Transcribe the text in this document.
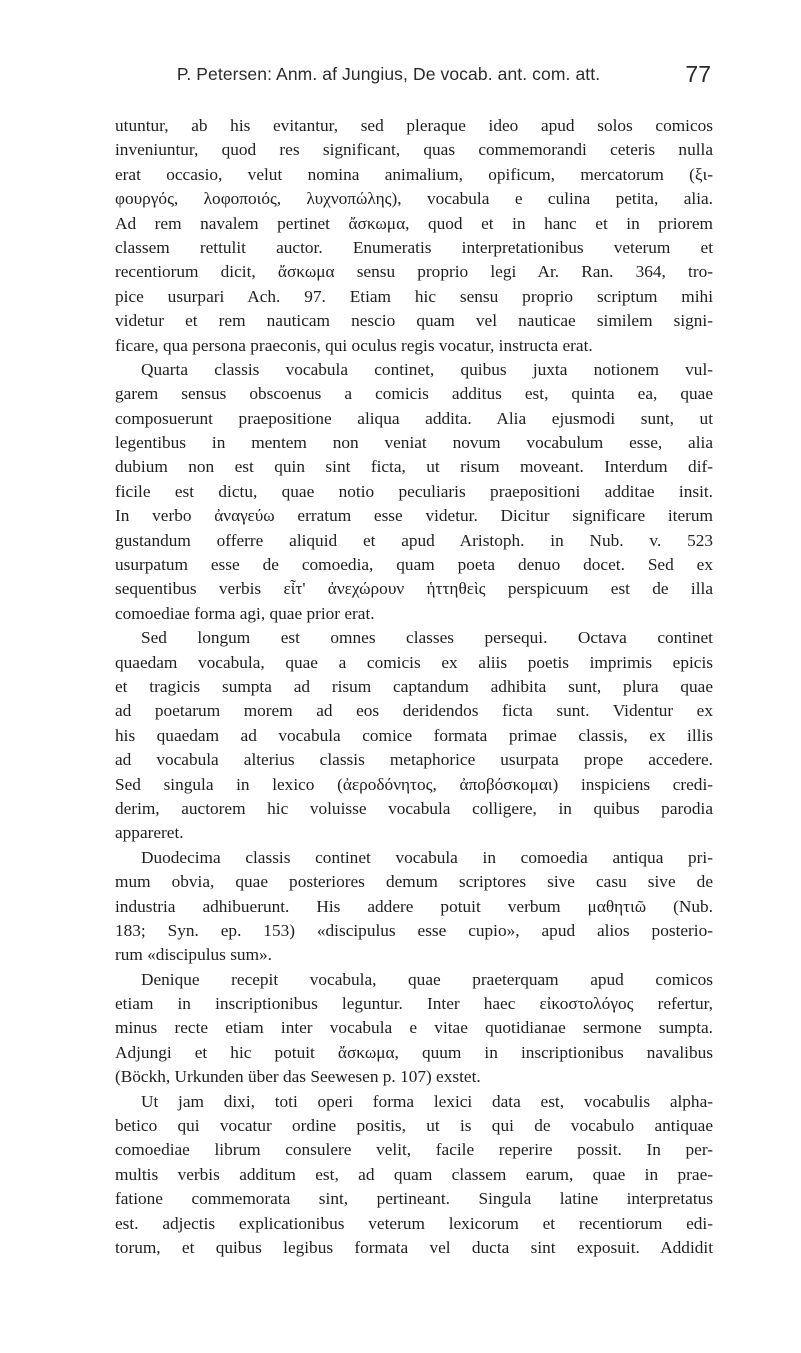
P. Petersen: Anm. af Jungius, De vocab. ant. com. att.	77
utuntur, ab his evitantur, sed pleraque ideo apud solos comicos
inveniuntur, quod res significant, quas commemorandi ceteris nulla
erat occasio, velut nomina animalium, opificum, mercatorum (ξι-
φουργός, λοφοποιός, λυχνοπώλης), vocabula e culina petita, alia.
Ad rem navalem pertinet ἄσκωμα, quod et in hanc et in priorem
classem rettulit auctor. Enumeratis interpretationibus veterum et
recentiorum dicit, ἄσκωμα sensu proprio legi Ar. Ran. 364, tro-
pice usurpari Ach. 97. Etiam hic sensu proprio scriptum mihi
videtur et rem nauticam nescio quam vel nauticae similem signi-
ficare, qua persona praeconis, qui oculus regis vocatur, instructa erat.
Quarta classis vocabula continet, quibus juxta notionem vul-
garem sensus obscoenus a comicis additus est, quinta ea, quae
composuerunt praepositione aliqua addita. Alia ejusmodi sunt, ut
legentibus in mentem non veniat novum vocabulum esse, alia
dubium non est quin sint ficta, ut risum moveant. Interdum dif-
ficile est dictu, quae notio peculiaris praepositioni additae insit.
In verbo ἀναγεύω erratum esse videtur. Dicitur significare iterum
gustandum offerre aliquid et apud Aristoph. in Nub. v. 523
usurpatum esse de comoedia, quam poeta denuo docet. Sed ex
sequentibus verbis εἶτ' ἀνεχώρουν ἡττηθεὶς perspicuum est de illa
comoediae forma agi, quae prior erat.
Sed longum est omnes classes persequi. Octava continet
quaedam vocabula, quae a comicis ex aliis poetis imprimis epicis
et tragicis sumpta ad risum captandum adhibita sunt, plura quae
ad poetarum morem ad eos deridendos ficta sunt. Videntur ex
his quaedam ad vocabula comice formata primae classis, ex illis
ad vocabula alterius classis metaphorice usurpata prope accedere.
Sed singula in lexico (ἀεροδόνητος, ἀποβόσκομαι) inspiciens credi-
derim, auctorem hic voluisse vocabula colligere, in quibus parodia
appareret.
Duodecima classis continet vocabula in comoedia antiqua pri-
mum obvia, quae posteriores demum scriptores sive casu sive de
industria adhibuerunt. His addere potuit verbum μαθητιῶ (Nub.
183; Syn. ep. 153) «discipulus esse cupio», apud alios posterio-
rum «discipulus sum».
Denique recepit vocabula, quae praeterquam apud comicos
etiam in inscriptionibus leguntur. Inter haec εἰκοστολόγος refertur,
minus recte etiam inter vocabula e vitae quotidianae sermone sumpta.
Adjungi et hic potuit ἄσκωμα, quum in inscriptionibus navalibus
(Böckh, Urkunden über das Seewesen p. 107) exstet.
Ut jam dixi, toti operi forma lexici data est, vocabulis alpha-
betico qui vocatur ordine positis, ut is qui de vocabulo antiquae
comoediae librum consulere velit, facile reperire possit. In per-
multis verbis additum est, ad quam classem earum, quae in prae-
fatione commemorata sint, pertineant. Singula latine interpretatus
est. adjectis explicationibus veterum lexicorum et recentiorum edi-
torum, et quibus legibus formata vel ducta sint exposuit. Addidit
